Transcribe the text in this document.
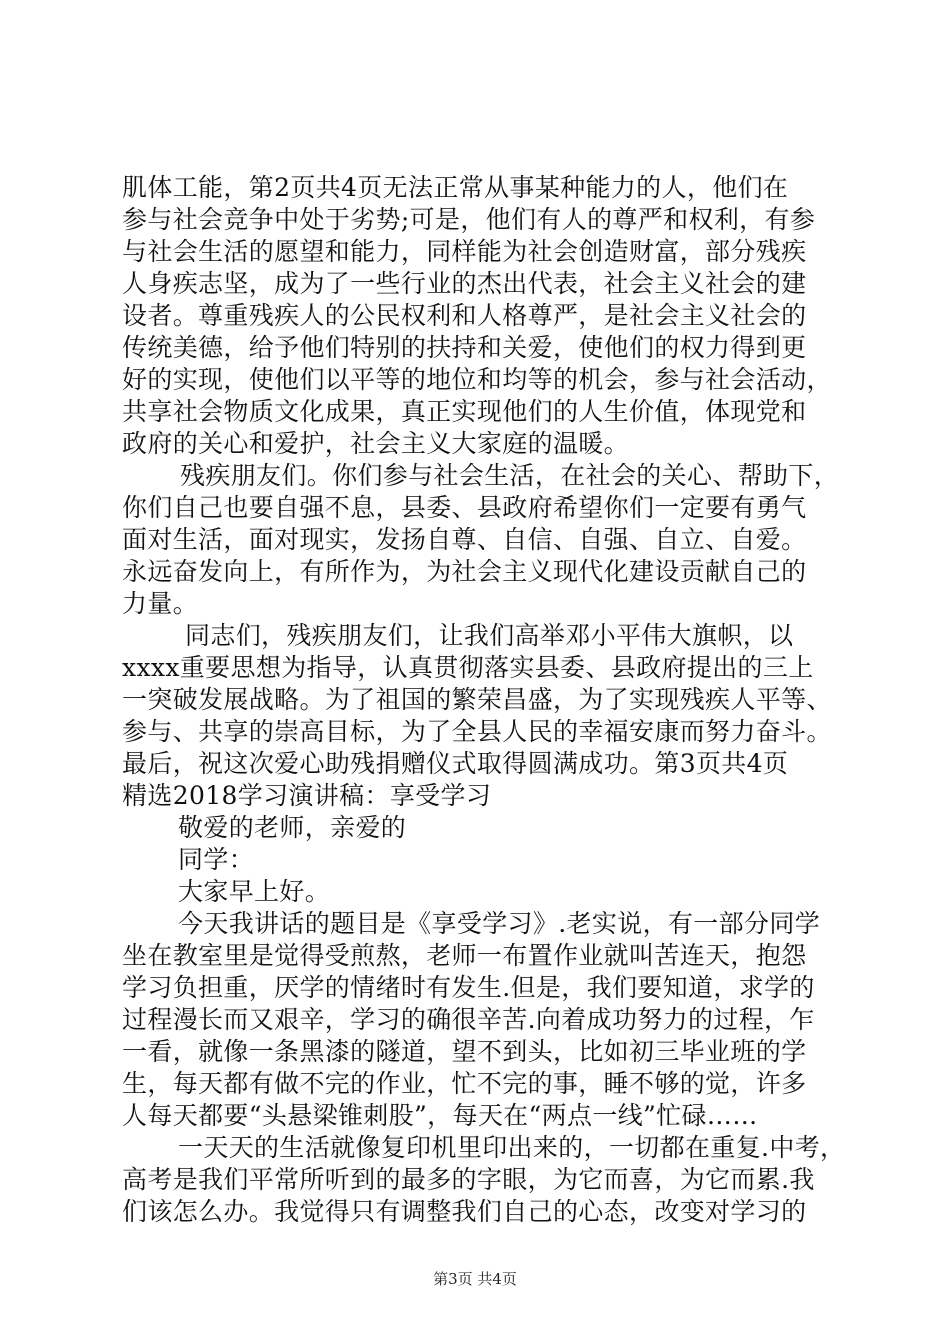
肌体工能，第2页共4页无法正常从事某种能力的人，他们在
参与社会竞争中处于劣势;可是，他们有人的尊严和权利，有参
与社会生活的愿望和能力，同样能为社会创造财富，部分残疾
人身疾志坚，成为了一些行业的杰出代表，社会主义社会的建
设者。尊重残疾人的公民权利和人格尊严，是社会主义社会的
传统美德，给予他们特别的扶持和关爱，使他们的权力得到更
好的实现，使他们以平等的地位和均等的机会，参与社会活动，
共享社会物质文化成果，真正实现他们的人生价值，体现党和
政府的关心和爱护，社会主义大家庭的温暖。
残疾朋友们。你们参与社会生活，在社会的关心、帮助下，
你们自己也要自强不息，县委、县政府希望你们一定要有勇气
面对生活，面对现实，发扬自尊、自信、自强、自立、自爱。
永远奋发向上，有所作为，为社会主义现代化建设贡献自己的
力量。
同志们，残疾朋友们，让我们高举邓小平伟大旗帜，以
xxxx重要思想为指导，认真贯彻落实县委、县政府提出的三上
一突破发展战略。为了祖国的繁荣昌盛，为了实现残疾人平等、
参与、共享的崇高目标，为了全县人民的幸福安康而努力奋斗。
最后，祝这次爱心助残捐赠仪式取得圆满成功。第3页共4页
精选2018学习演讲稿：享受学习
敬爱的老师，亲爱的
同学：
大家早上好。
今天我讲话的题目是《享受学习》.老实说，有一部分同学
坐在教室里是觉得受煎熬，老师一布置作业就叫苦连天，抱怨
学习负担重，厌学的情绪时有发生.但是，我们要知道，求学的
过程漫长而又艰辛，学习的确很辛苦.向着成功努力的过程，乍
一看，就像一条黑漆的隧道，望不到头，比如初三毕业班的学
生，每天都有做不完的作业，忙不完的事，睡不够的觉，许多
人每天都要“头悬梁锥刺股”，每天在“两点一线”忙碌……
一天天的生活就像复印机里印出来的，一切都在重复.中考，
高考是我们平常所听到的最多的字眼，为它而喜，为它而累.我
们该怎么办。我觉得只有调整我们自己的心态，改变对学习的
第3页 共4页
